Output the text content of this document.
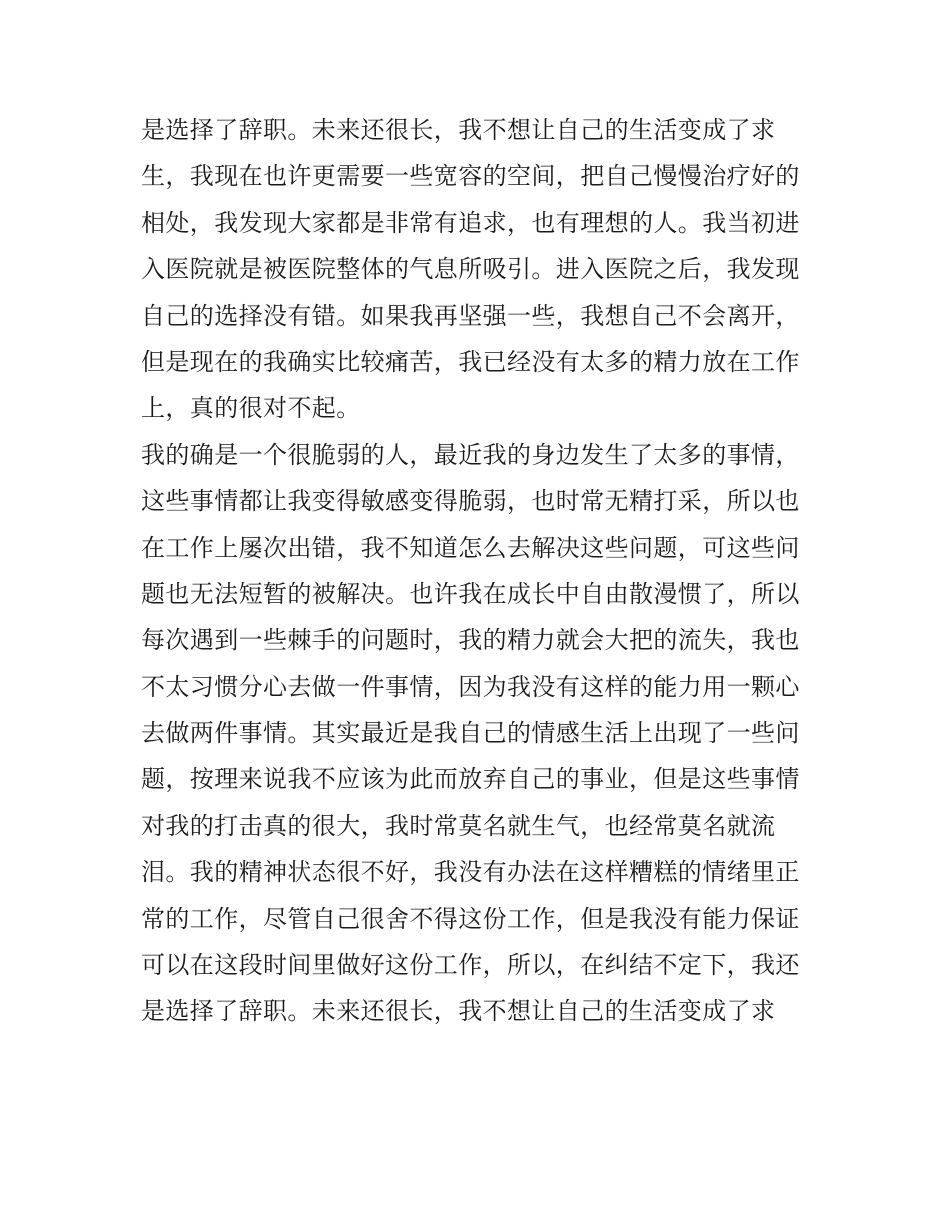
是选择了辞职。未来还很长，我不想让自己的生活变成了求
生，我现在也许更需要一些宽容的空间，把自己慢慢治疗好的
相处，我发现大家都是非常有追求，也有理想的人。我当初进
入医院就是被医院整体的气息所吸引。进入医院之后，我发现
自己的选择没有错。如果我再坚强一些，我想自己不会离开，
但是现在的我确实比较痛苦，我已经没有太多的精力放在工作
上，真的很对不起。
我的确是一个很脆弱的人，最近我的身边发生了太多的事情，
这些事情都让我变得敏感变得脆弱，也时常无精打采，所以也
在工作上屡次出错，我不知道怎么去解决这些问题，可这些问
题也无法短暂的被解决。也许我在成长中自由散漫惯了，所以
每次遇到一些棘手的问题时，我的精力就会大把的流失，我也
不太习惯分心去做一件事情，因为我没有这样的能力用一颗心
去做两件事情。其实最近是我自己的情感生活上出现了一些问
题，按理来说我不应该为此而放弃自己的事业，但是这些事情
对我的打击真的很大，我时常莫名就生气，也经常莫名就流
泪。我的精神状态很不好，我没有办法在这样糟糕的情绪里正
常的工作，尽管自己很舍不得这份工作，但是我没有能力保证
可以在这段时间里做好这份工作，所以，在纠结不定下，我还
是选择了辞职。未来还很长，我不想让自己的生活变成了求
